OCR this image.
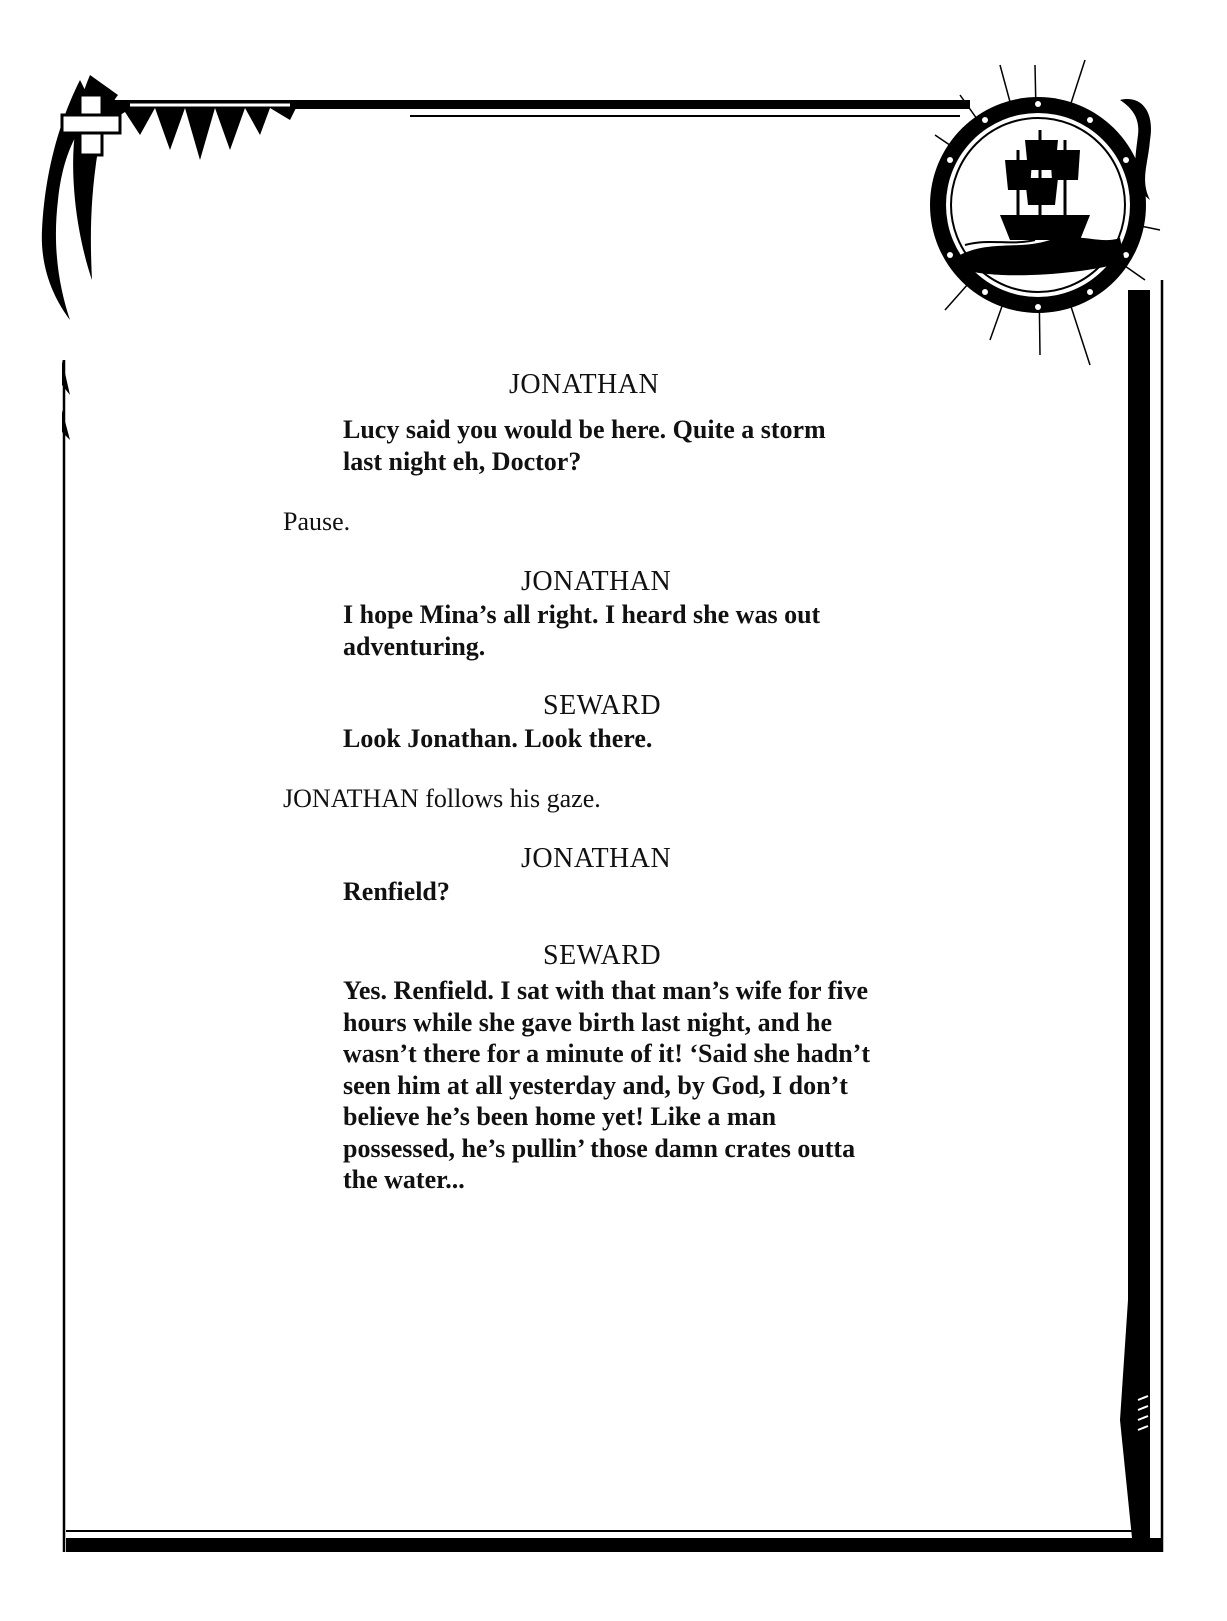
JONATHAN
Lucy said you would be here. Quite a storm
last night eh, Doctor?
Pause.
JONATHAN
I hope Mina’s all right. I heard she was out
adventuring.
SEWARD
Look Jonathan. Look there.
JONATHAN follows his gaze.
JONATHAN
Renfield?
SEWARD
Yes. Renfield. I sat with that man’s wife for five
hours while she gave birth last night, and he
wasn’t there for a minute of it! ‘Said she hadn’t
seen him at all yesterday and, by God, I don’t
believe he’s been home yet! Like a man
possessed, he’s pullin’ those damn crates outta
the water...
